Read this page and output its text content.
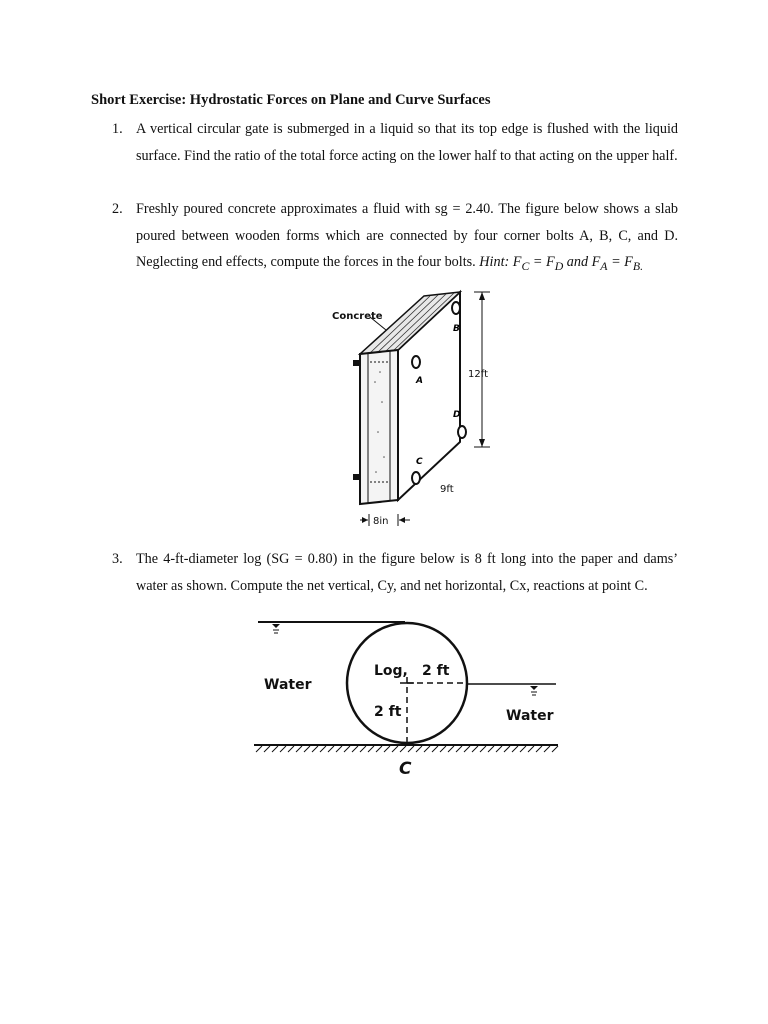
Short Exercise: Hydrostatic Forces on Plane and Curve Surfaces
1. A vertical circular gate is submerged in a liquid so that its top edge is flushed with the liquid surface. Find the ratio of the total force acting on the lower half to that acting on the upper half.
2. Freshly poured concrete approximates a fluid with sg = 2.40. The figure below shows a slab poured between wooden forms which are connected by four corner bolts A, B, C, and D. Neglecting end effects, compute the forces in the four bolts. Hint: $F_C = F_D$ and $F_A = F_{B.}$
Concrete
B
A
D
C
12ft
9ft
8in
3. The 4-ft-diameter log (SG = 0.80) in the figure below is 8 ft long into the paper and dams’ water as shown. Compute the net vertical, Cy, and net horizontal, Cx, reactions at point C.
Log, 2 ft
2 ft
Water
Water
C
